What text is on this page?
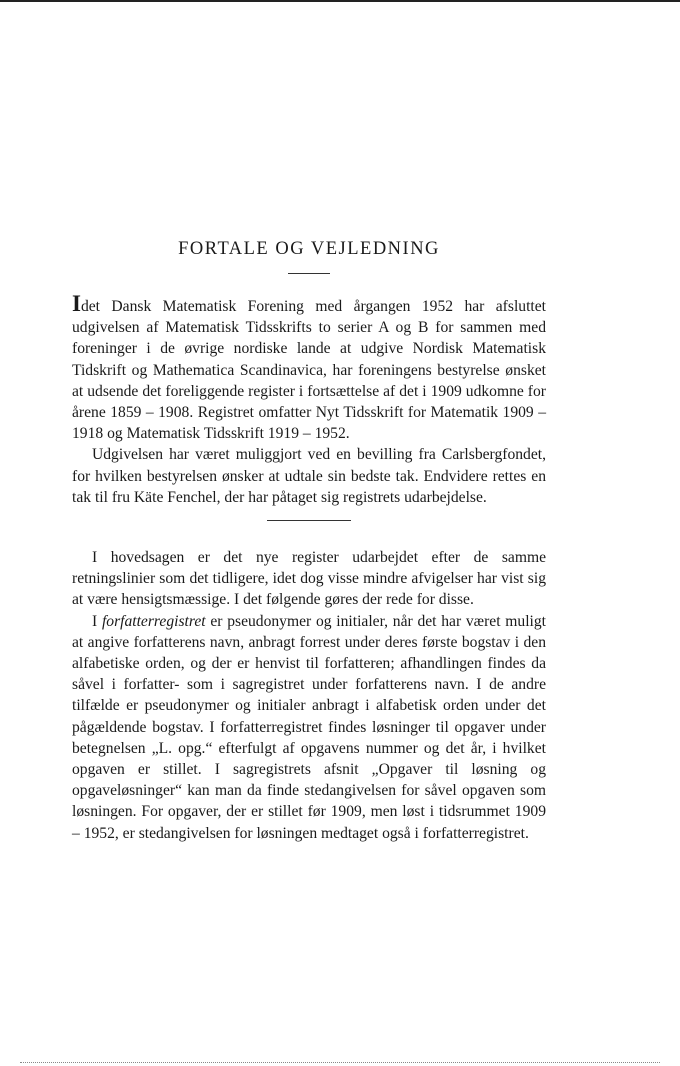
FORTALE OG VEJLEDNING

Idet Dansk Matematisk Forening med årgangen 1952 har afsluttet udgivelsen af Matematisk Tidsskrifts to serier A og B for sammen med foreninger i de øvrige nordiske lande at udgive Nordisk Matematisk Tidskrift og Mathematica Scandinavica, har foreningens bestyrelse ønsket at udsende det foreliggende register i fortsættelse af det i 1909 udkomne for årene 1859 – 1908. Registret omfatter Nyt Tidsskrift for Matematik 1909 – 1918 og Matematisk Tidsskrift 1919 – 1952.

Udgivelsen har været muliggjort ved en bevilling fra Carlsbergfondet, for hvilken bestyrelsen ønsker at udtale sin bedste tak. Endvidere rettes en tak til fru Käte Fenchel, der har påtaget sig registrets udarbejdelse.

I hovedsagen er det nye register udarbejdet efter de samme retningslinier som det tidligere, idet dog visse mindre afvigelser har vist sig at være hensigtsmæssige. I det følgende gøres der rede for disse.

I forfatterregistret er pseudonymer og initialer, når det har været muligt at angive forfatterens navn, anbragt forrest under deres første bogstav i den alfabetiske orden, og der er henvist til forfatteren; afhandlingen findes da såvel i forfatter- som i sagregistret under forfatterens navn. I de andre tilfælde er pseudonymer og initialer anbragt i alfabetisk orden under det pågældende bogstav. I forfatterregistret findes løsninger til opgaver under betegnelsen „L. opg.“ efterfulgt af opgavens nummer og det år, i hvilket opgaven er stillet. I sagregistrets afsnit „Opgaver til løsning og opgaveløsninger“ kan man da finde stedangivelsen for såvel opgaven som løsningen. For opgaver, der er stillet før 1909, men løst i tidsrummet 1909 – 1952, er stedangivelsen for løsningen medtaget også i forfatterregistret.
